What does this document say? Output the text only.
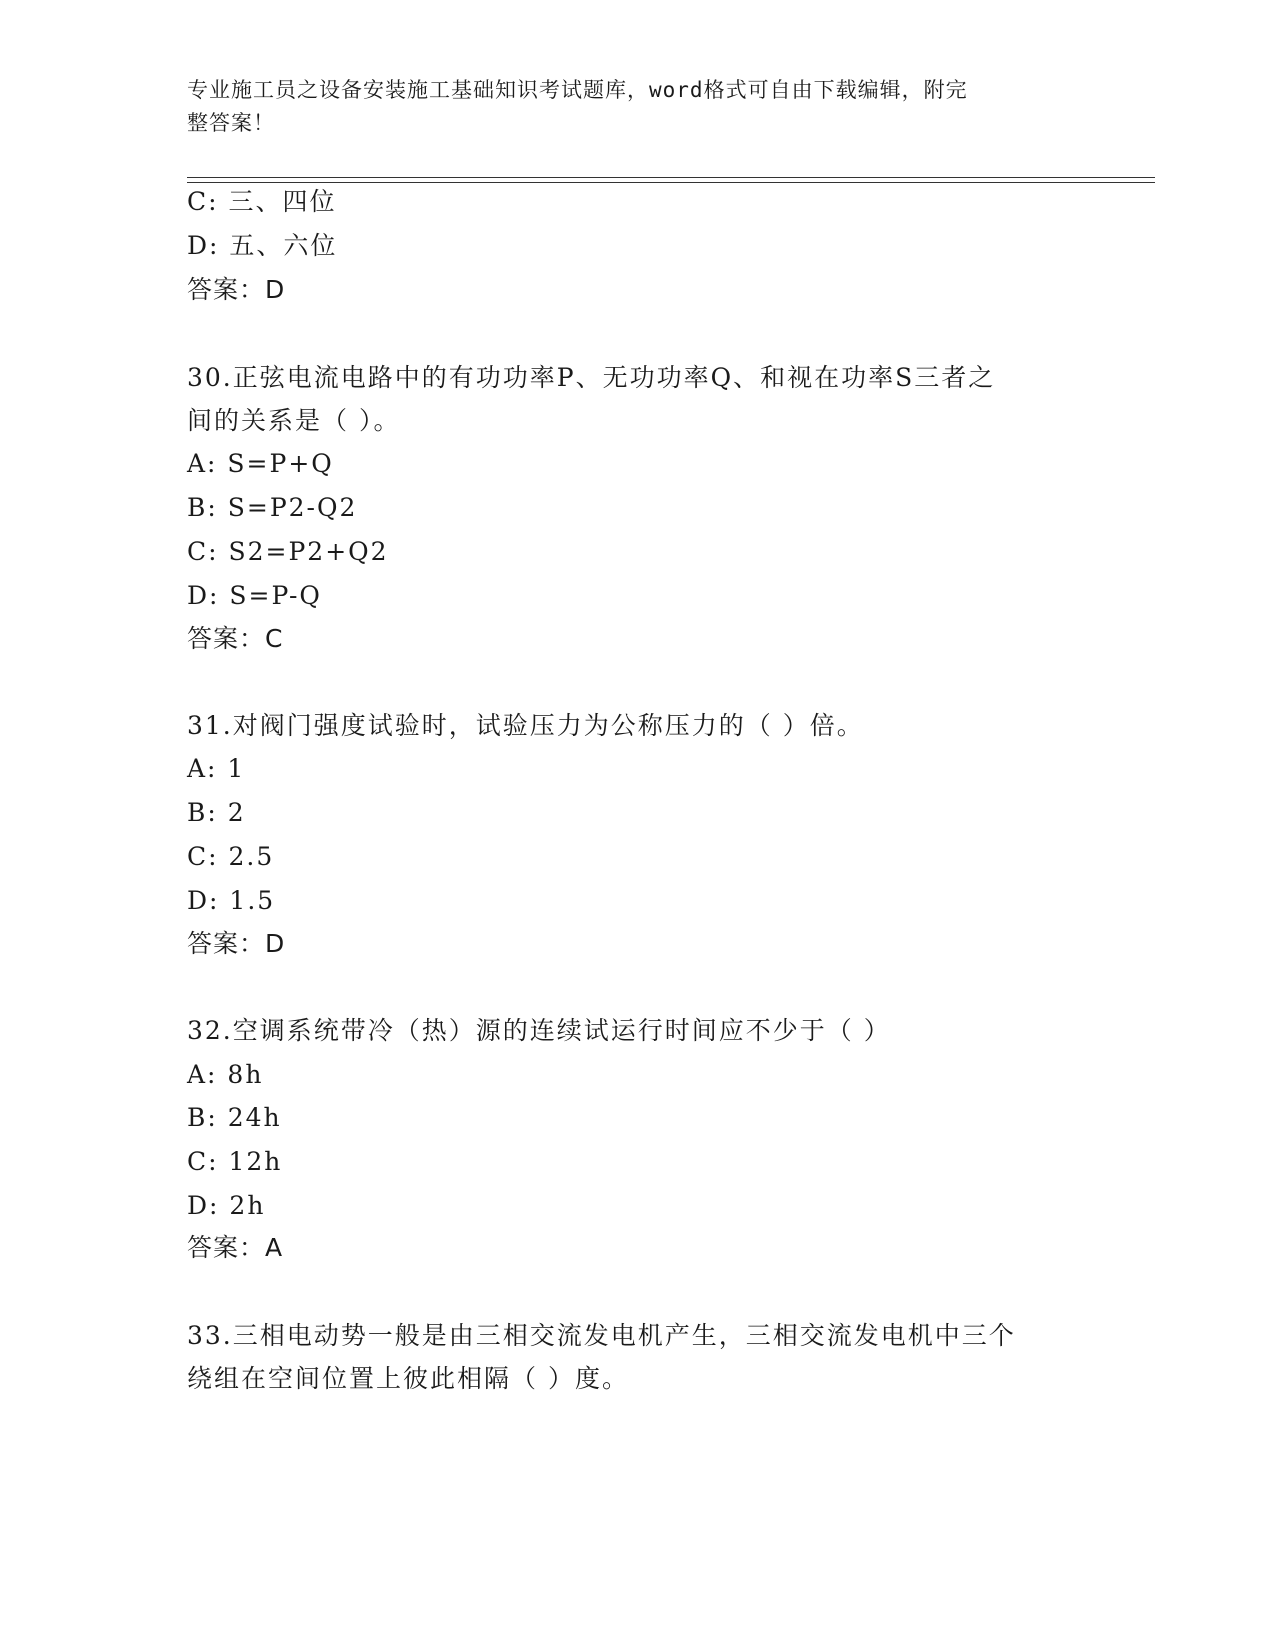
专业施工员之设备安装施工基础知识考试题库，word格式可自由下载编辑，附完
整答案！
C: 三、四位
D: 五、六位
答案：D
30.正弦电流电路中的有功功率P、无功功率Q、和视在功率S三者之
间的关系是（ ）。
A: S=P+Q
B: S=P2-Q2
C: S2=P2+Q2
D: S=P-Q
答案：C
31.对阀门强度试验时，试验压力为公称压力的（ ）倍。
A: 1
B: 2
C: 2.5
D: 1.5
答案：D
32.空调系统带冷（热）源的连续试运行时间应不少于（ ）
A: 8h
B: 24h
C: 12h
D: 2h
答案：A
33.三相电动势一般是由三相交流发电机产生，三相交流发电机中三个
绕组在空间位置上彼此相隔（ ）度。
